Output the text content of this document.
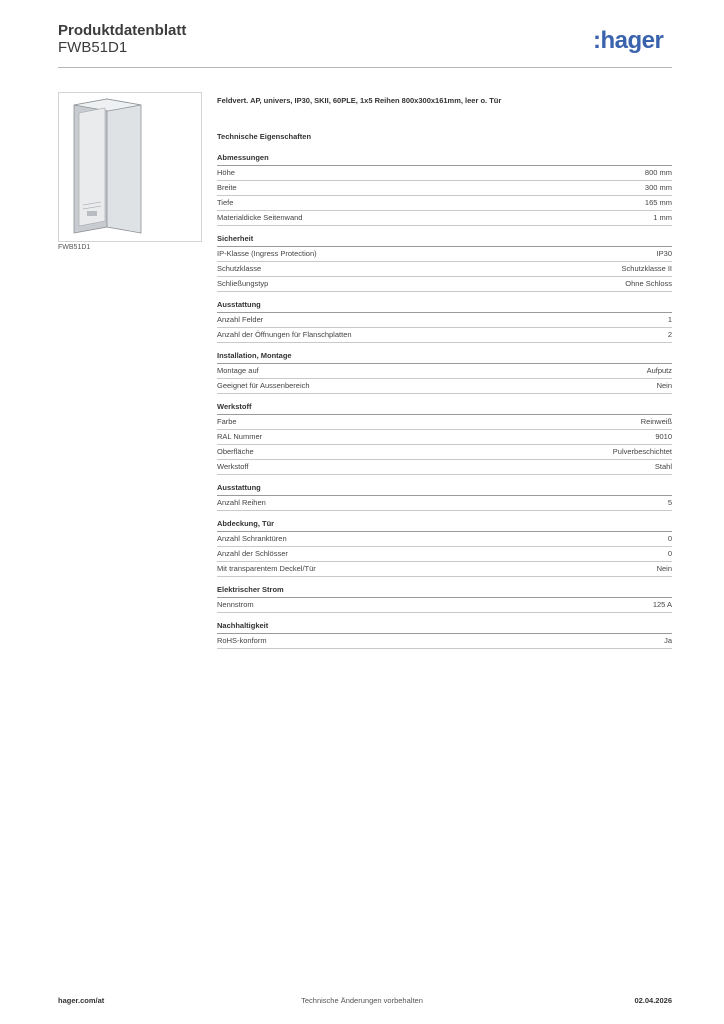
Produktdatenblatt
FWB51D1	:hager
FWB51D1
Feldvert. AP, univers, IP30, SKII, 60PLE, 1x5 Reihen 800x300x161mm, leer o. Tür
Technische Eigenschaften
Abmessungen
Höhe	800 mm
Breite	300 mm
Tiefe	165 mm
Materialdicke Seitenwand	1 mm
Sicherheit
IP-Klasse (Ingress Protection)	IP30
Schutzklasse	Schutzklasse II
Schließungstyp	Ohne Schloss
Ausstattung
Anzahl Felder	1
Anzahl der Öffnungen für Flanschplatten	2
Installation, Montage
Montage auf	Aufputz
Geeignet für Aussenbereich	Nein
Werkstoff
Farbe	Reinweiß
RAL Nummer	9010
Oberfläche	Pulverbeschichtet
Werkstoff	Stahl
Ausstattung
Anzahl Reihen	5
Abdeckung, Tür
Anzahl Schranktüren	0
Anzahl der Schlösser	0
Mit transparentem Deckel/Tür	Nein
Elektrischer Strom
Nennstrom	125 A
Nachhaltigkeit
RoHS-konform	Ja
hager.com/at	Technische Änderungen vorbehalten	02.04.2026
